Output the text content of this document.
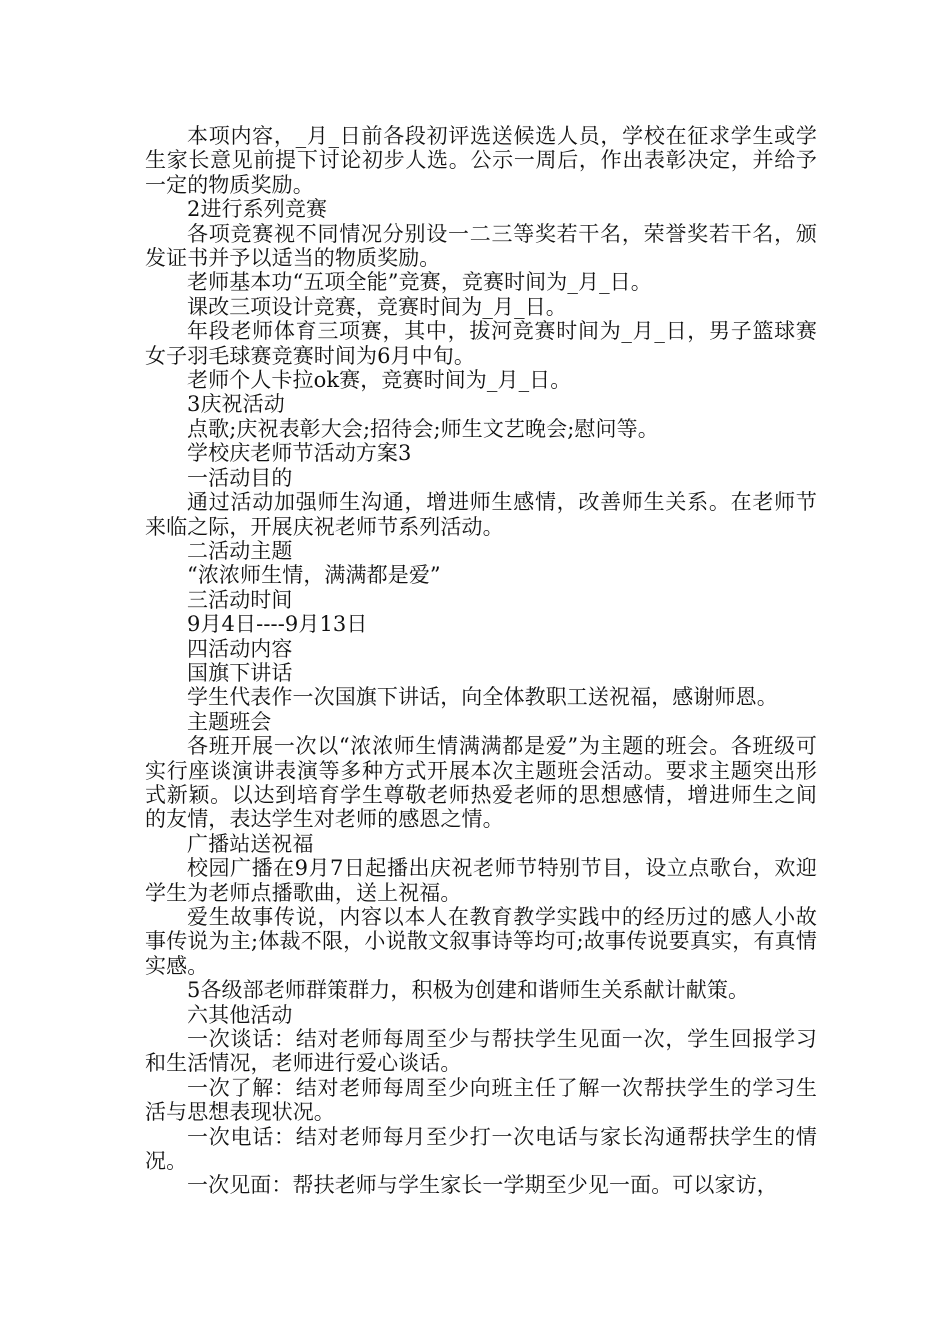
本项内容，_月_日前各段初评选送候选人员，学校在征求学生或学生家长意见前提下讨论初步人选。公示一周后，作出表彰决定，并给予一定的物质奖励。

2进行系列竞赛

各项竞赛视不同情况分别设一二三等奖若干名，荣誉奖若干名，颁发证书并予以适当的物质奖励。

老师基本功“五项全能”竞赛，竞赛时间为_月_日。

课改三项设计竞赛，竞赛时间为_月_日。

年段老师体育三项赛，其中，拔河竞赛时间为_月_日，男子篮球赛女子羽毛球赛竞赛时间为6月中旬。

老师个人卡拉ok赛，竞赛时间为_月_日。

3庆祝活动

点歌;庆祝表彰大会;招待会;师生文艺晚会;慰问等。

学校庆老师节活动方案3

一活动目的

通过活动加强师生沟通，增进师生感情，改善师生关系。在老师节来临之际，开展庆祝老师节系列活动。

二活动主题

“浓浓师生情，满满都是爱”

三活动时间

9月4日----9月13日

四活动内容

国旗下讲话

学生代表作一次国旗下讲话，向全体教职工送祝福，感谢师恩。

主题班会

各班开展一次以“浓浓师生情满满都是爱”为主题的班会。各班级可实行座谈演讲表演等多种方式开展本次主题班会活动。要求主题突出形式新颖。以达到培育学生尊敬老师热爱老师的思想感情，增进师生之间的友情，表达学生对老师的感恩之情。

广播站送祝福

校园广播在9月7日起播出庆祝老师节特别节目，设立点歌台，欢迎学生为老师点播歌曲，送上祝福。

爱生故事传说，内容以本人在教育教学实践中的经历过的感人小故事传说为主;体裁不限，小说散文叙事诗等均可;故事传说要真实，有真情实感。

5各级部老师群策群力，积极为创建和谐师生关系献计献策。

六其他活动

一次谈话：结对老师每周至少与帮扶学生见面一次，学生回报学习和生活情况，老师进行爱心谈话。

一次了解：结对老师每周至少向班主任了解一次帮扶学生的学习生活与思想表现状况。

一次电话：结对老师每月至少打一次电话与家长沟通帮扶学生的情况。

一次见面：帮扶老师与学生家长一学期至少见一面。可以家访，
